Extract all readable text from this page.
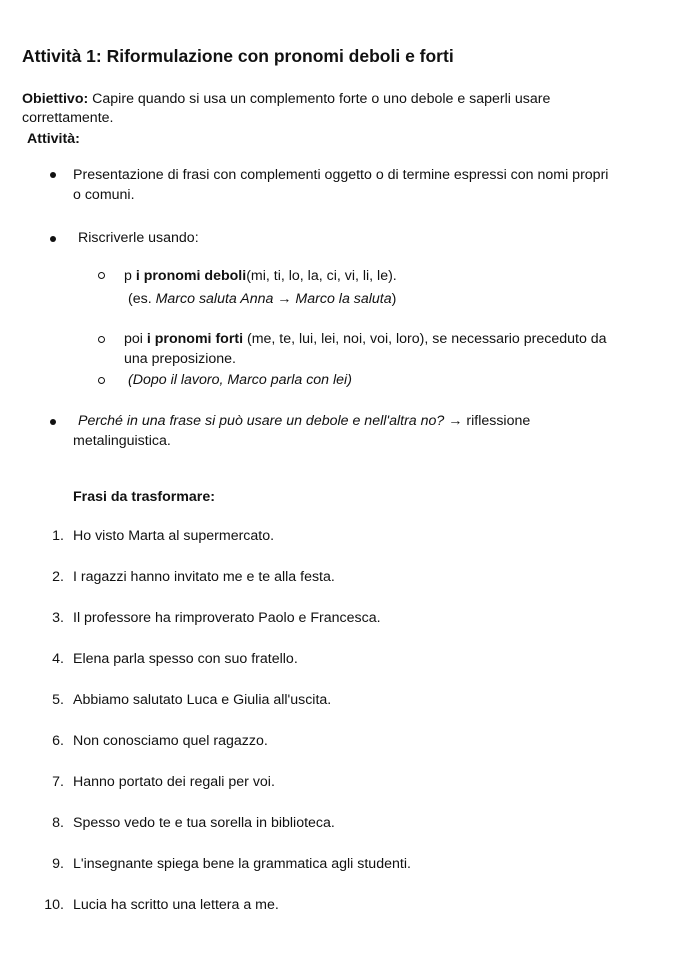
Attività 1: Riformulazione con pronomi deboli e forti
Obiettivo: Capire quando si usa un complemento forte o uno debole e saperli usare
correttamente.
Attività:
Presentazione di frasi con complementi oggetto o di termine espressi con nomi propri
o comuni.
Riscriverle usando:
p i pronomi deboli(mi, ti, lo, la, ci, vi, li, le).
(es. Marco saluta Anna → Marco la saluta)
poi i pronomi forti (me, te, lui, lei, noi, voi, loro), se necessario preceduto da
una preposizione.
(Dopo il lavoro, Marco parla con lei)
Perché in una frase si può usare un debole e nell'altra no? → riflessione
metalinguistica.
Frasi da trasformare:
1. Ho visto Marta al supermercato.
2. I ragazzi hanno invitato me e te alla festa.
3. Il professore ha rimproverato Paolo e Francesca.
4. Elena parla spesso con suo fratello.
5. Abbiamo salutato Luca e Giulia all'uscita.
6. Non conosciamo quel ragazzo.
7. Hanno portato dei regali per voi.
8. Spesso vedo te e tua sorella in biblioteca.
9. L'insegnante spiega bene la grammatica agli studenti.
10. Lucia ha scritto una lettera a me.
